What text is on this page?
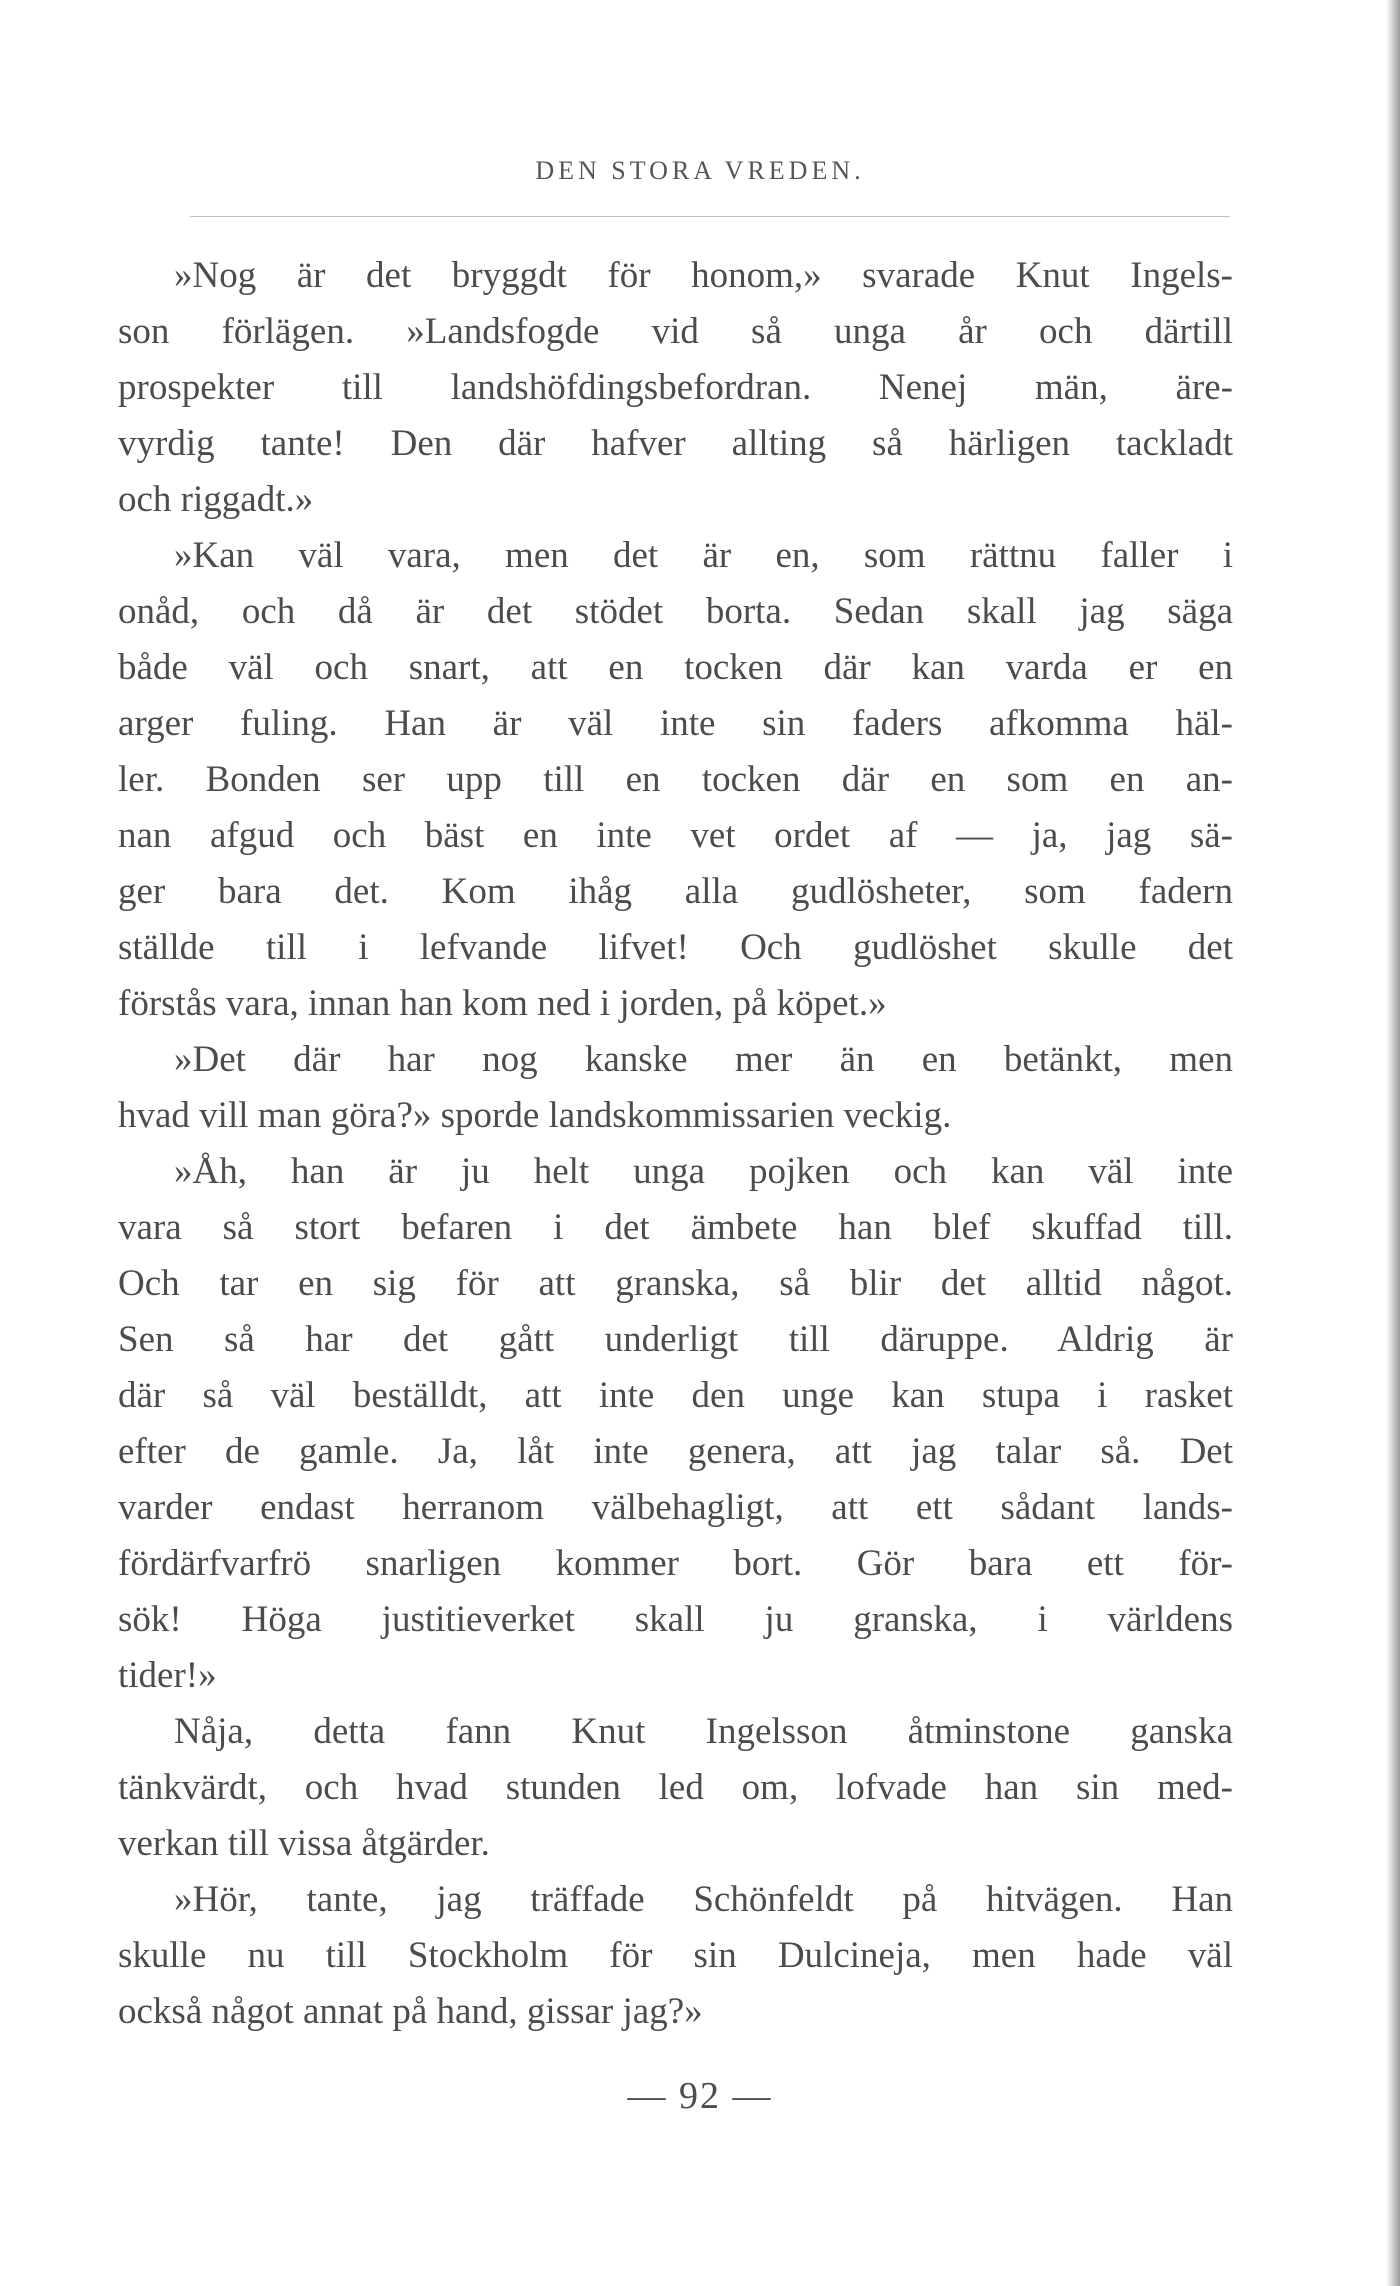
DEN STORA VREDEN.
»Nog är det bryggdt för honom,» svarade Knut Ingels-
son förlägen. »Landsfogde vid så unga år och därtill
prospekter till landshöfdingsbefordran. Nenej män, äre-
vyrdig tante! Den där hafver allting så härligen tackladt
och riggadt.»
»Kan väl vara, men det är en, som rättnu faller i
onåd, och då är det stödet borta. Sedan skall jag säga
både väl och snart, att en tocken där kan varda er en
arger fuling. Han är väl inte sin faders afkomma häl-
ler. Bonden ser upp till en tocken där en som en an-
nan afgud och bäst en inte vet ordet af — ja, jag sä-
ger bara det. Kom ihåg alla gudlösheter, som fadern
ställde till i lefvande lifvet! Och gudlöshet skulle det
förstås vara, innan han kom ned i jorden, på köpet.»
»Det där har nog kanske mer än en betänkt, men
hvad vill man göra?» sporde landskommissarien veckig.
»Åh, han är ju helt unga pojken och kan väl inte
vara så stort befaren i det ämbete han blef skuffad till.
Och tar en sig för att granska, så blir det alltid något.
Sen så har det gått underligt till däruppe. Aldrig är
där så väl beställdt, att inte den unge kan stupa i rasket
efter de gamle. Ja, låt inte genera, att jag talar så. Det
varder endast herranom välbehagligt, att ett sådant lands-
fördärfvarfrö snarligen kommer bort. Gör bara ett för-
sök! Höga justitieverket skall ju granska, i världens
tider!»
Nåja, detta fann Knut Ingelsson åtminstone ganska
tänkvärdt, och hvad stunden led om, lofvade han sin med-
verkan till vissa åtgärder.
»Hör, tante, jag träffade Schönfeldt på hitvägen. Han
skulle nu till Stockholm för sin Dulcineja, men hade väl
också något annat på hand, gissar jag?»
— 92 —
